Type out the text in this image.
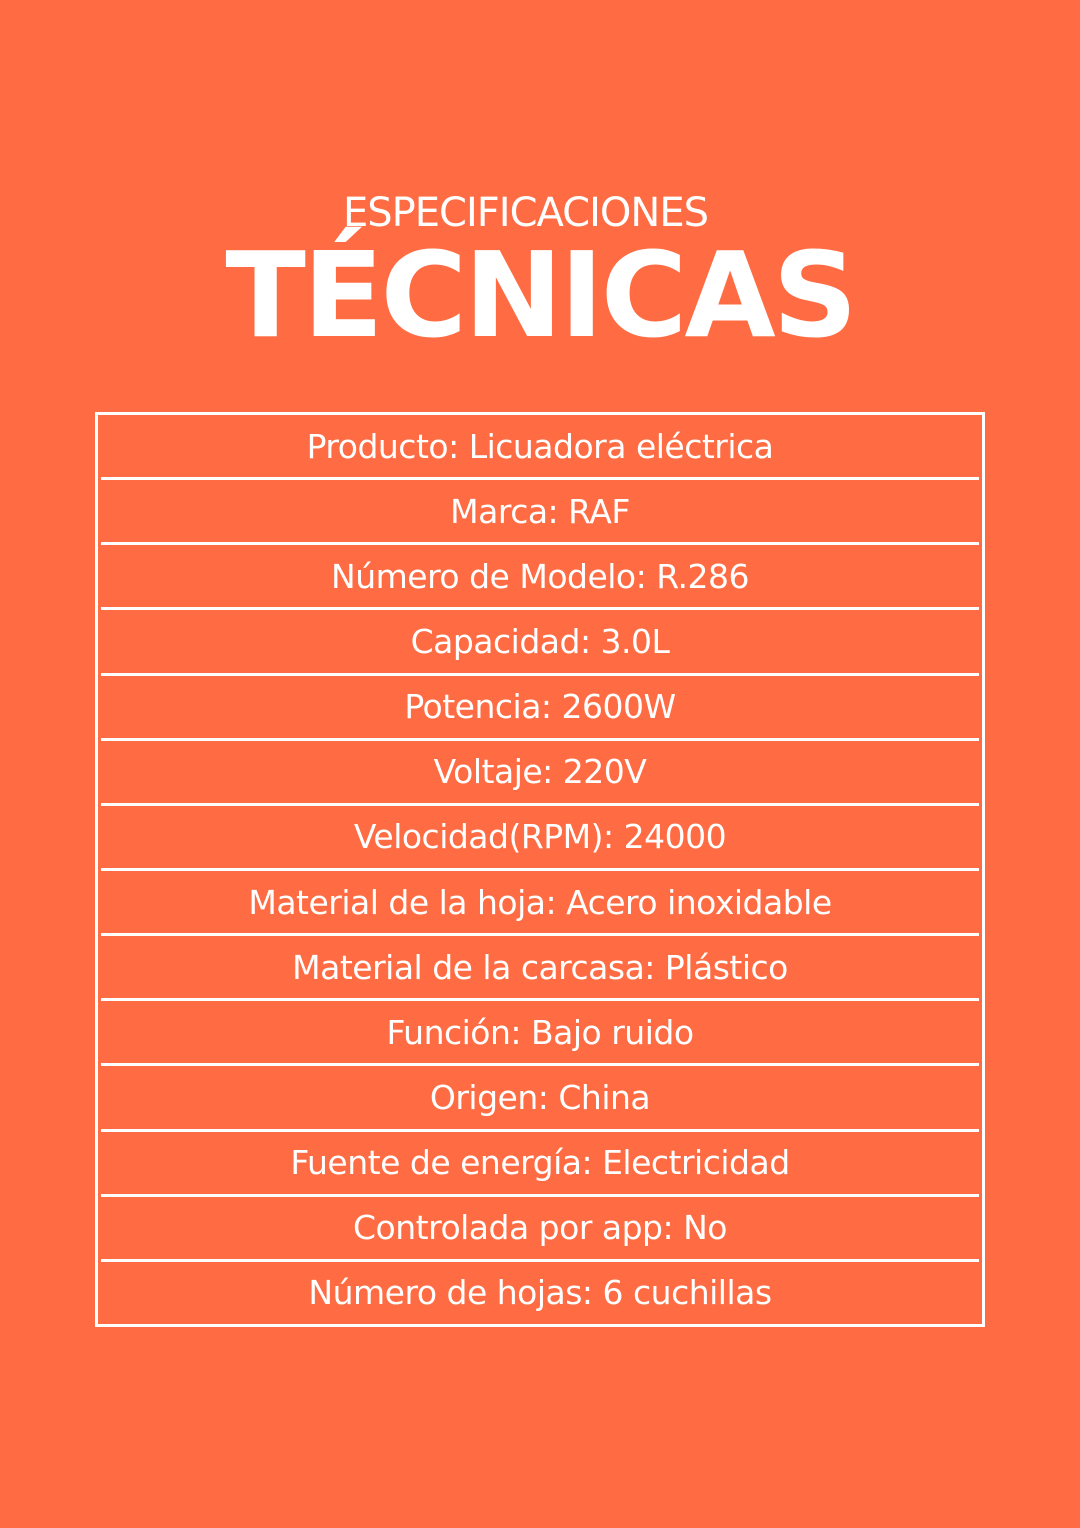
ESPECIFICACIONES
TÉCNICAS
Producto: Licuadora eléctrica
Marca: RAF
Número de Modelo: R.286
Capacidad: 3.0L
Potencia: 2600W
Voltaje: 220V
Velocidad(RPM): 24000
Material de la hoja: Acero inoxidable
Material de la carcasa: Plástico
Función: Bajo ruido
Origen: China
Fuente de energía: Electricidad
Controlada por app: No
Número de hojas: 6 cuchillas
